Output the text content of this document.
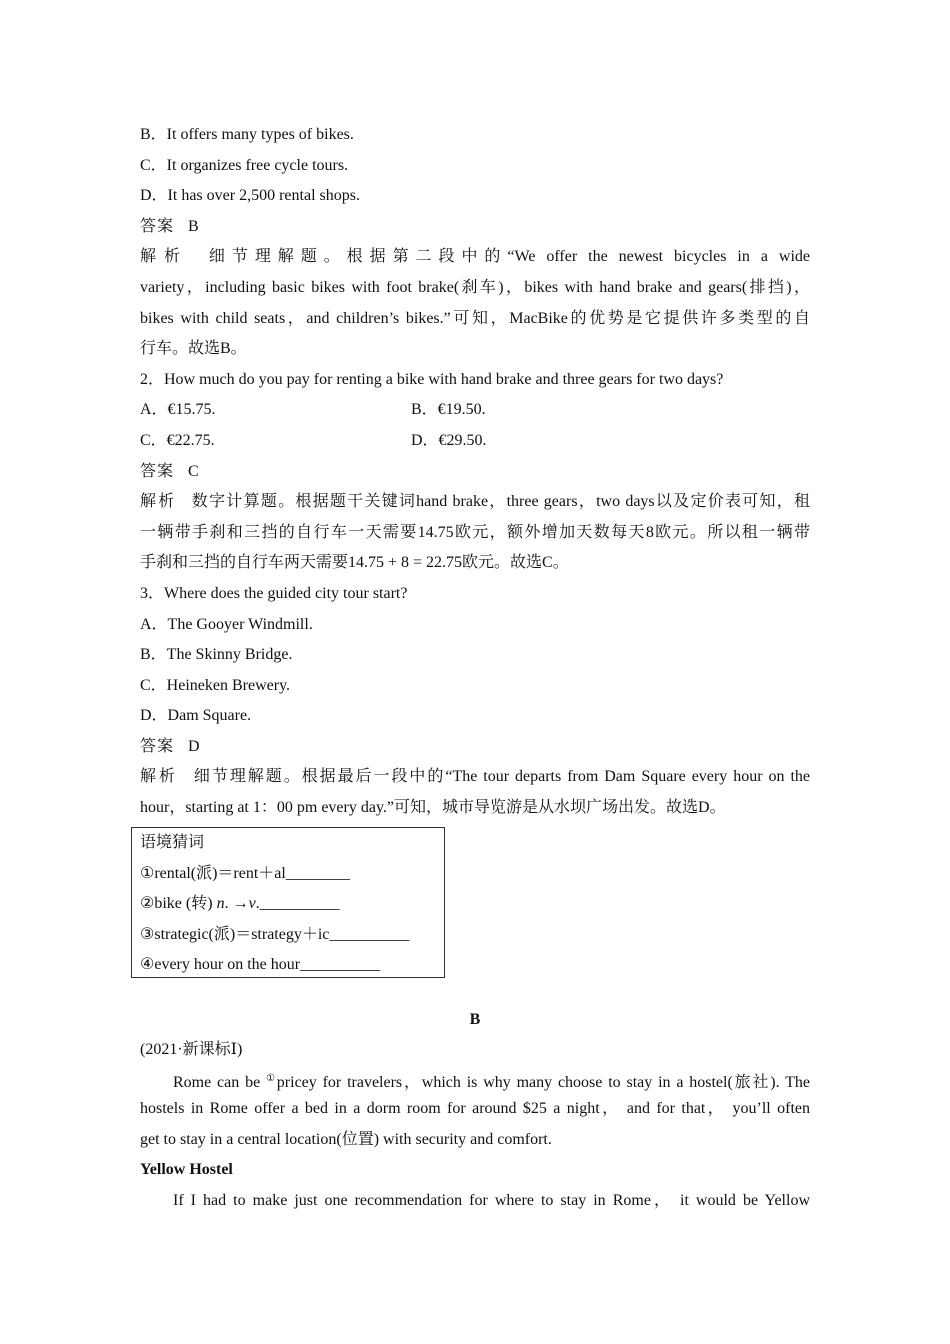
B．It offers many types of bikes.
C．It organizes free cycle tours.
D．It has over 2,500 rental shops.
答案 B
解析 细节理解题。根据第二段中的“We offer the newest bicycles in a wide
variety，including basic bikes with foot brake(刹车)，bikes with hand brake and gears(排挡)，
bikes with child seats，and children’s bikes.”可知，MacBike的优势是它提供许多类型的自
行车。故选B。
2．How much do you pay for renting a bike with hand brake and three gears for two days?
A．€15.75.	B．€19.50.
C．€22.75.	D．€29.50.
答案 C
解析 数字计算题。根据题干关键词hand brake，three gears，two days以及定价表可知，租
一辆带手刹和三挡的自行车一天需要14.75欧元，额外增加天数每天8欧元。所以租一辆带
手刹和三挡的自行车两天需要14.75 + 8 = 22.75欧元。故选C。
3．Where does the guided city tour start?
A．The Gooyer Windmill.
B．The Skinny Bridge.
C．Heineken Brewery.
D．Dam Square.
答案 D
解析 细节理解题。根据最后一段中的“The tour departs from Dam Square every hour on the
hour，starting at 1：00 pm every day.”可知，城市导览游是从水坝广场出发。故选D。
语境猜词
①rental(派)＝rent＋al________
②bike (转) n. →v.__________
③strategic(派)＝strategy＋ic__________
④every hour on the hour__________
B
(2021·新课标Ⅰ)
Rome can be ①pricey for travelers，which is why many choose to stay in a hostel(旅社). The
hostels in Rome offer a bed in a dorm room for around $25 a night， and for that， you’ll often
get to stay in a central location(位置) with security and comfort.
Yellow Hostel
If I had to make just one recommendation for where to stay in Rome， it would be Yellow
